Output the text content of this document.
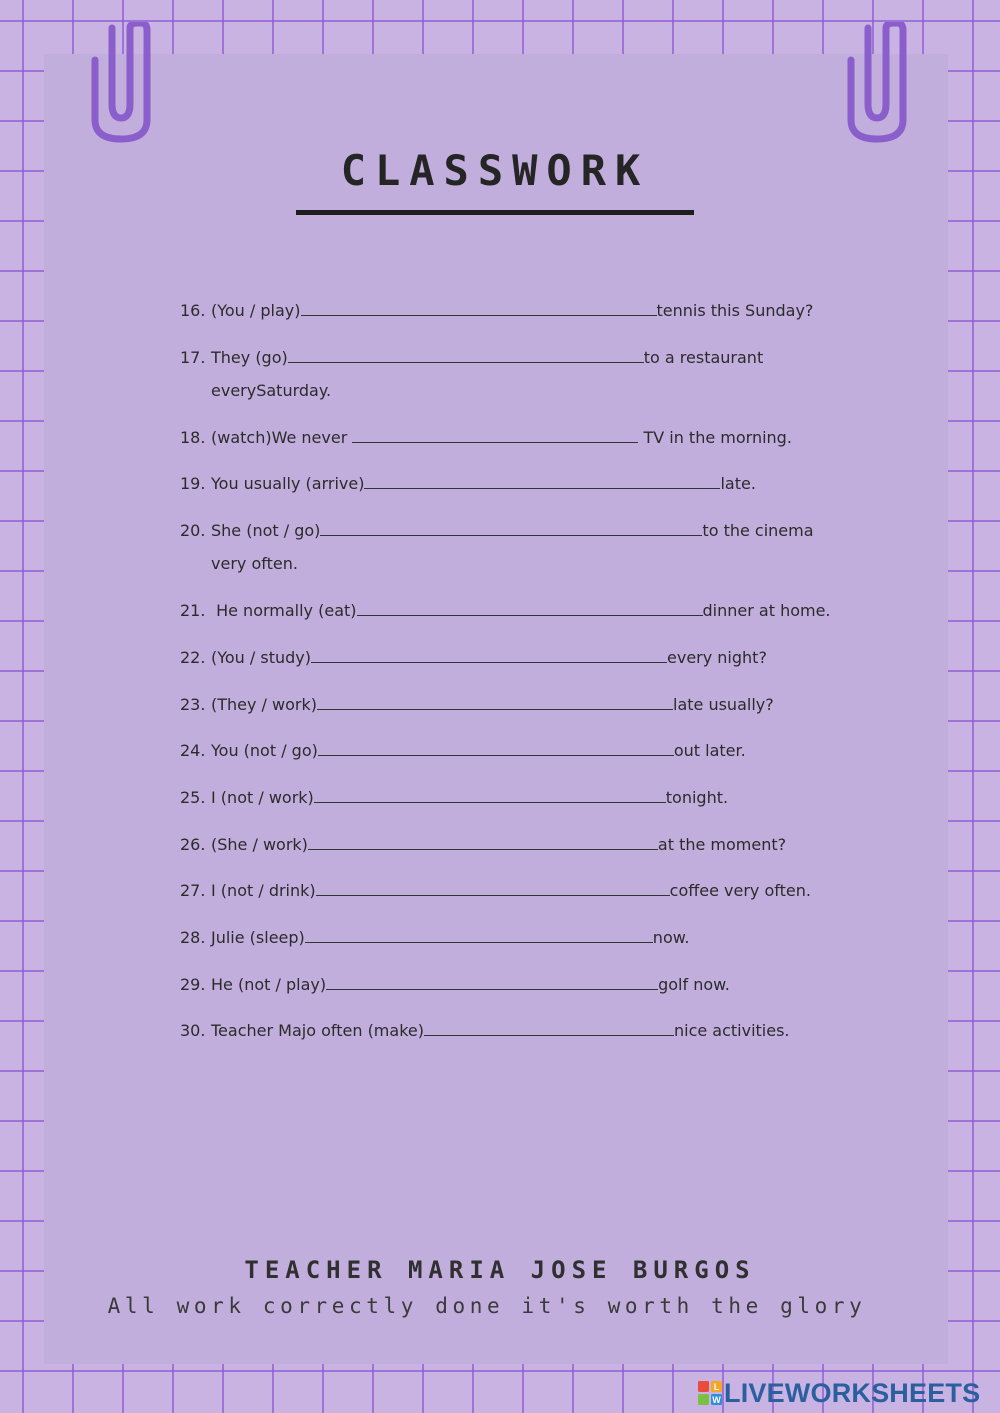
CLASSWORK
16. (You / play)	tennis this Sunday?
17. They (go)	to a restaurant
everySaturday.
18. (watch)We never	TV in the morning.
19. You usually (arrive)	late.
20. She (not / go)	to the cinema
very often.
21. He normally (eat)	dinner at home.
22. (You / study)	every night?
23. (They / work)	late usually?
24. You (not / go)	out later.
25. I (not / work)	tonight.
26. (She / work)	at the moment?
27. I (not / drink)	coffee very often.
28. Julie (sleep)	now.
29. He (not / play)	golf now.
30. Teacher Majo often (make)	nice activities.
TEACHER MARIA JOSE BURGOS
All work correctly done it's worth the glory
L
W LIVEWORKSHEETS
